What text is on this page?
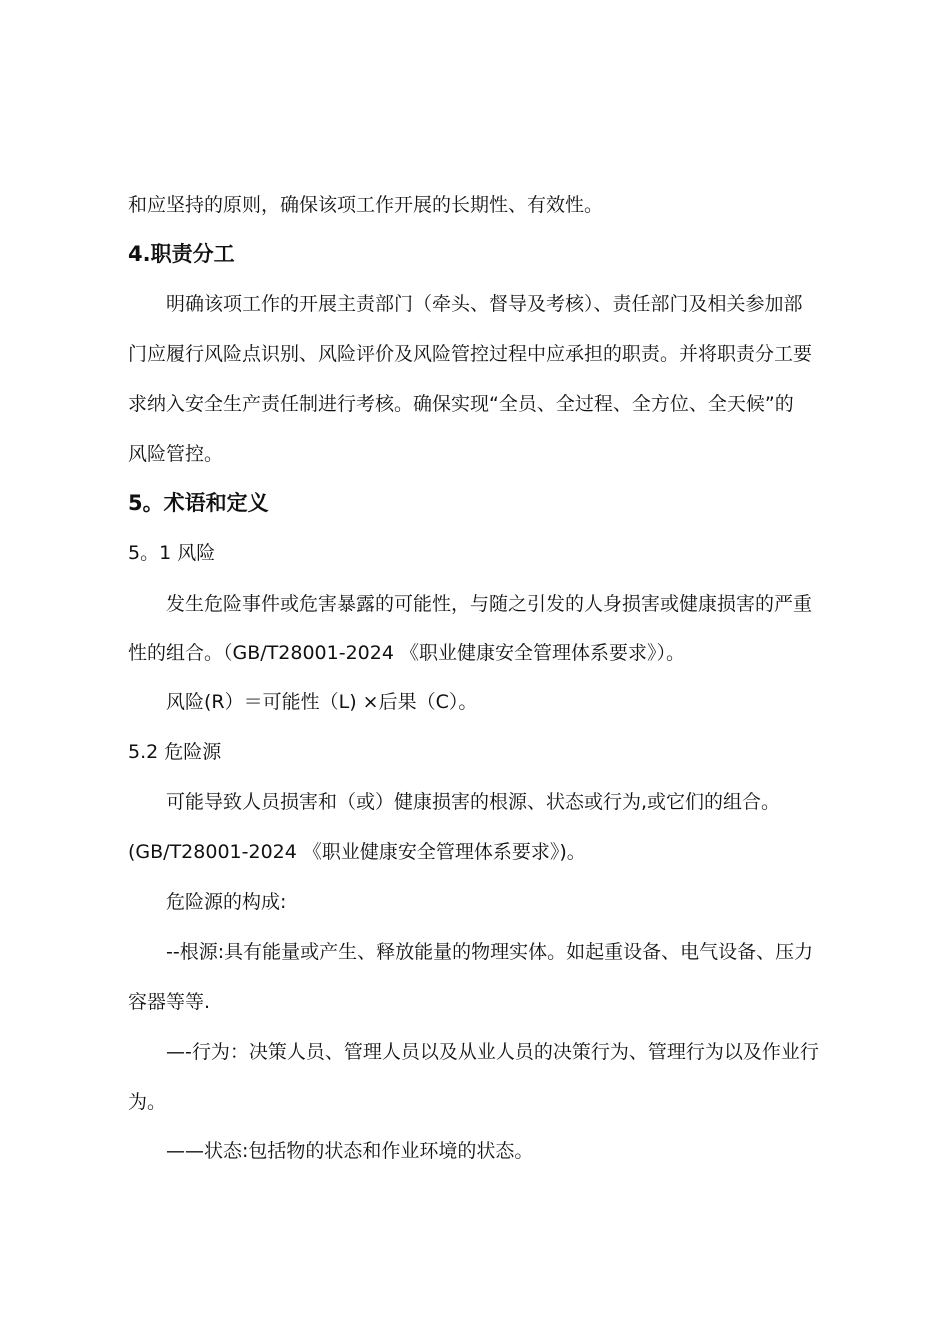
和应坚持的原则，确保该项工作开展的长期性、有效性。
4.职责分工
明确该项工作的开展主责部门（牵头、督导及考核）、责任部门及相关参加部
门应履行风险点识别、风险评价及风险管控过程中应承担的职责。并将职责分工要
求纳入安全生产责任制进行考核。确保实现“全员、全过程、全方位、全天候”的
风险管控。
5。术语和定义
5。1 风险
发生危险事件或危害暴露的可能性，与随之引发的人身损害或健康损害的严重
性的组合。（GB/T28001-2024 《职业健康安全管理体系要求》）。
风险(R）＝可能性（L) ×后果（C）。
5.2 危险源
可能导致人员损害和（或）健康损害的根源、状态或行为,或它们的组合。
(GB/T28001-2024 《职业健康安全管理体系要求》)。
危险源的构成:
--根源:具有能量或产生、释放能量的物理实体。如起重设备、电气设备、压力
容器等等.
—-行为：决策人员、管理人员以及从业人员的决策行为、管理行为以及作业行
为。
——状态:包括物的状态和作业环境的状态。
